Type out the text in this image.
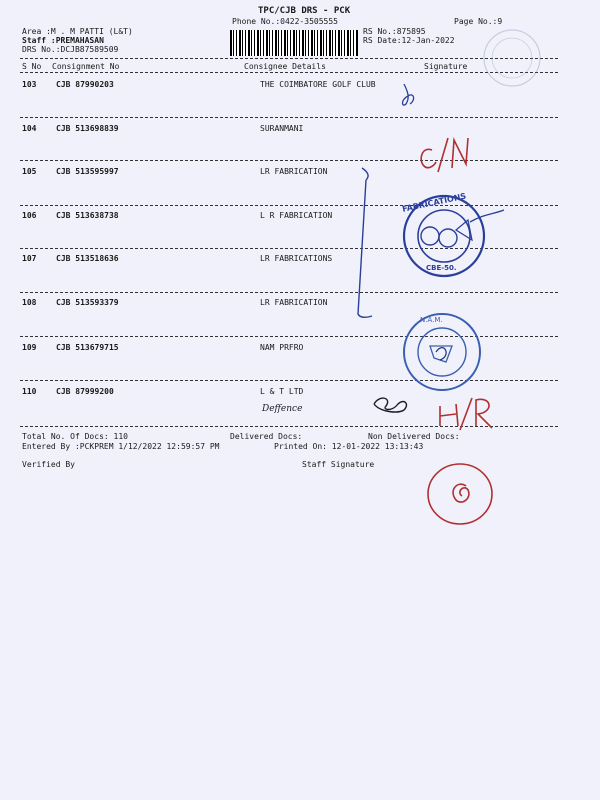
TPC/CJB DRS - PCK
Phone No.:0422-3505555	Page No.:9
Area :M . M PATTI (L&T)
Staff :PREMAHASAN
DRS No.:DCJB87589509
RS No.:875895
RS Date:12-Jan-2022
S No Consignment No	Consignee Details	Signature
103 CJB 87990203	THE COIMBATORE GOLF CLUB
104 CJB 513698839	SURANMANI
105 CJB 513595997	LR FABRICATION
106 CJB 513638738	L R FABRICATION
107 CJB 513518636	LR FABRICATIONS
108 CJB 513593379	LR FABRICATION
109 CJB 513679715	NAM PRFRO
110 CJB 87999200	L & T LTD
Total No. Of Docs: 110	Delivered Docs:	Non Delivered Docs:
Entered By :PCKPREM 1/12/2022 12:59:57 PM	Printed On: 12-01-2022 13:13:43
Verified By	Staff Signature
FABRICATIONS
CBE-50.
N.A.M.
Deffence
